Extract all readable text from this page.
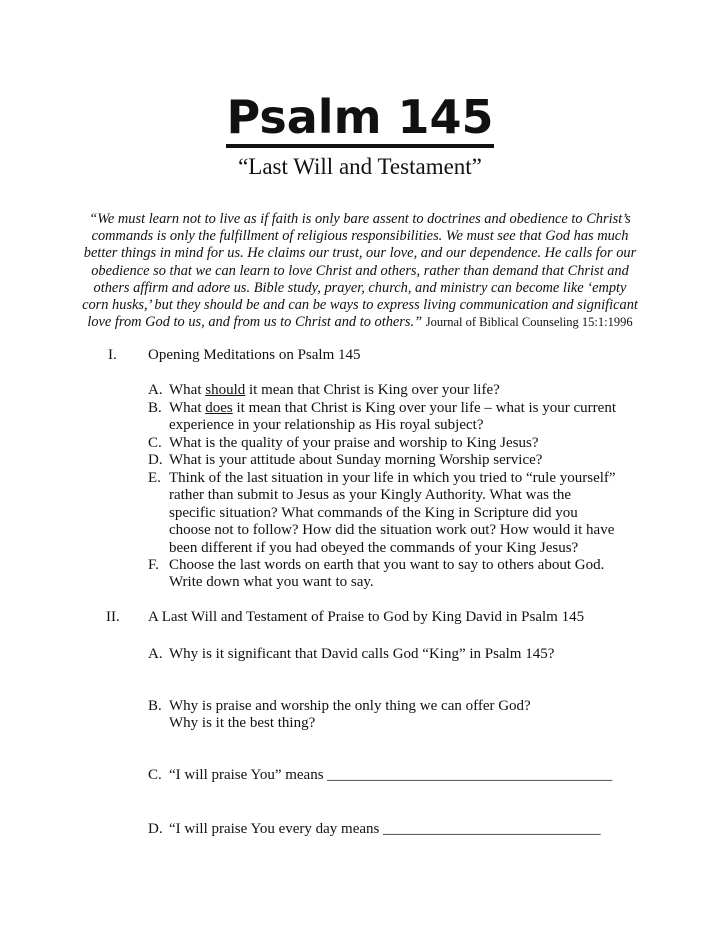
Psalm 145
“Last Will and Testament”
“We must learn not to live as if faith is only bare assent to doctrines and obedience to Christ’s
commands is only the fulfillment of religious responsibilities. We must see that God has much
better things in mind for us. He claims our trust, our love, and our dependence. He calls for our
obedience so that we can learn to love Christ and others, rather than demand that Christ and
others affirm and adore us. Bible study, prayer, church, and ministry can become like ‘empty
corn husks,’ but they should be and can be ways to express living communication and significant
love from God to us, and from us to Christ and to others.” Journal of Biblical Counseling 15:1:1996
I.	Opening Meditations on Psalm 145
A. What should it mean that Christ is King over your life?
B. What does it mean that Christ is King over your life – what is your current
experience in your relationship as His royal subject?
C. What is the quality of your praise and worship to King Jesus?
D. What is your attitude about Sunday morning Worship service?
E. Think of the last situation in your life in which you tried to “rule yourself”
rather than submit to Jesus as your Kingly Authority. What was the
specific situation? What commands of the King in Scripture did you
choose not to follow? How did the situation work out? How would it have
been different if you had obeyed the commands of your King Jesus?
F. Choose the last words on earth that you want to say to others about God.
Write down what you want to say.
II.	A Last Will and Testament of Praise to God by King David in Psalm 145
A. Why is it significant that David calls God “King” in Psalm 145?
B. Why is praise and worship the only thing we can offer God?
Why is it the best thing?
C. “I will praise You” means ______________________________________
D. “I will praise You every day means _____________________________
